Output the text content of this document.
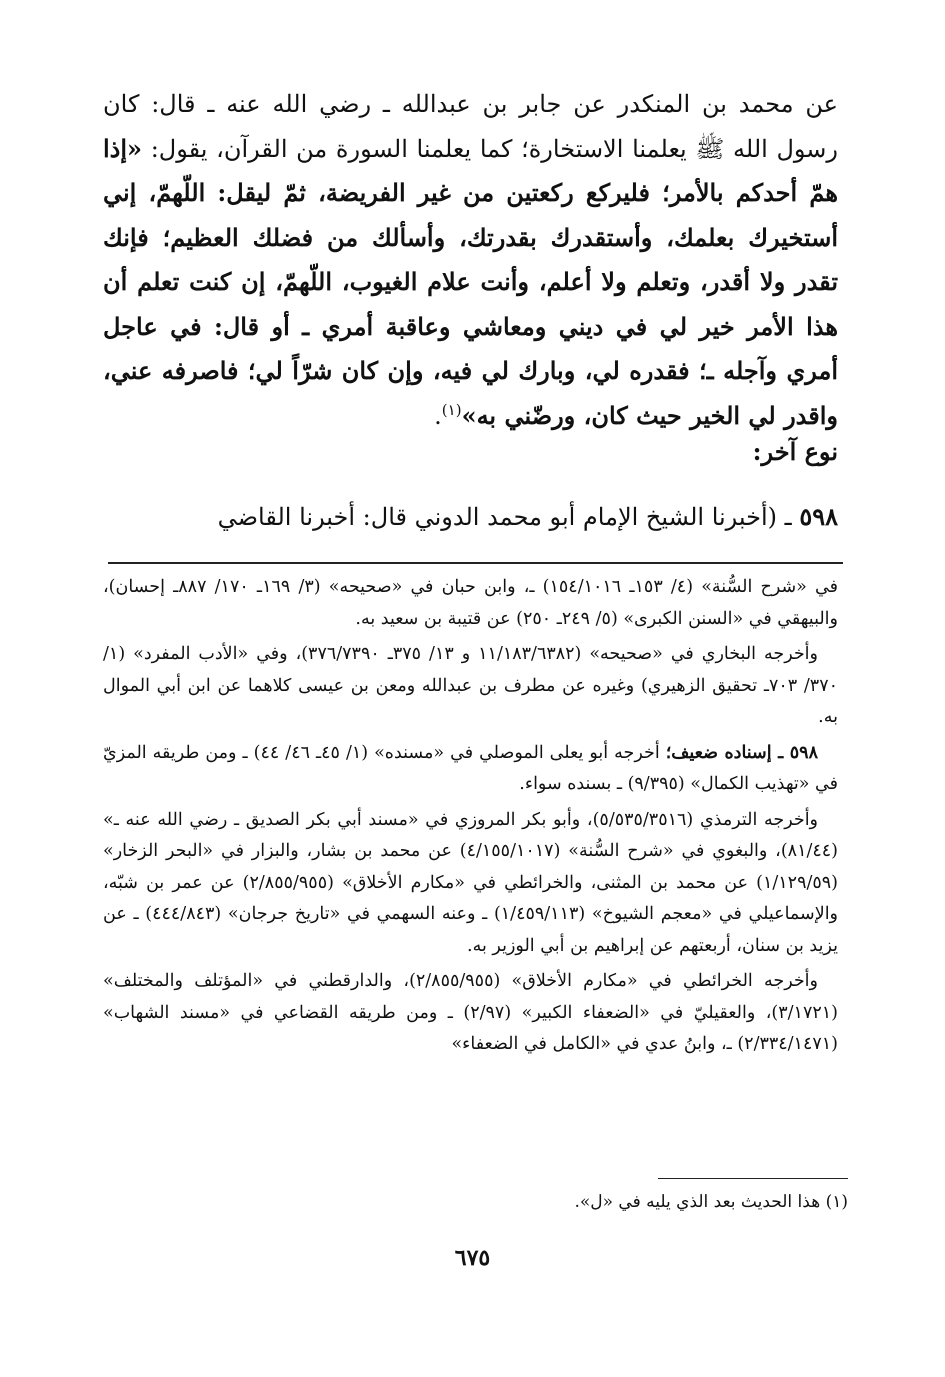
عن محمد بن المنكدر عن جابر بن عبدالله ـ رضي الله عنه ـ قال: كان رسول الله ﷺ يعلمنا الاستخارة؛ كما يعلمنا السورة من القرآن، يقول: «إذا همّ أحدكم بالأمر؛ فليركع ركعتين من غير الفريضة، ثمّ ليقل: اللّهمّ، إني أستخيرك بعلمك، وأستقدرك بقدرتك، وأسألك من فضلك العظيم؛ فإنك تقدر ولا أقدر، وتعلم ولا أعلم، وأنت علام الغيوب، اللّهمّ، إن كنت تعلم أن هذا الأمر خير لي في ديني ومعاشي وعاقبة أمري ـ أو قال: في عاجل أمري وآجله ـ؛ فقدره لي، وبارك لي فيه، وإن كان شرّاً لي؛ فاصرفه عني، واقدر لي الخير حيث كان، ورضّني به»$^{(١)}$.

نوع آخر:
٥٩٨ ـ (أخبرنا الشيخ الإمام أبو محمد الدوني قال: أخبرنا القاضي

في «شرح السُّنة» (٤/ ١٥٣ـ ١٥٤/١٠١٦) ـ، وابن حبان في «صحيحه» (٣/ ١٦٩ـ ١٧٠/ ٨٨٧ـ إحسان)، والبيهقي في «السنن الكبرى» (٥/ ٢٤٩ـ ٢٥٠) عن قتيبة بن سعيد به.

وأخرجه البخاري في «صحيحه» (١١/١٨٣/٦٣٨٢ و ١٣/ ٣٧٥ـ ٣٧٦/٧٣٩٠)، وفي «الأدب المفرد» (١/ ٣٧٠/ ٧٠٣ـ تحقيق الزهيري) وغيره عن مطرف بن عبدالله ومعن بن عيسى كلاهما عن ابن أبي الموال به.

٥٩٨ ـ إسناده ضعيف؛ أخرجه أبو يعلى الموصلي في «مسنده» (١/ ٤٥ـ ٤٦/ ٤٤) ـ ومن طريقه المزيّ في «تهذيب الكمال» (٩/٣٩٥) ـ بسنده سواء.

وأخرجه الترمذي (٥/٥٣٥/٣٥١٦)، وأبو بكر المروزي في «مسند أبي بكر الصديق ـ رضي الله عنه ـ» (٨١/٤٤)، والبغوي في «شرح السُّنة» (٤/١٥٥/١٠١٧) عن محمد بن بشار، والبزار في «البحر الزخار» (١/١٢٩/٥٩) عن محمد بن المثنى، والخرائطي في «مكارم الأخلاق» (٢/٨٥٥/٩٥٥) عن عمر بن شبّه، والإسماعيلي في «معجم الشيوخ» (١/٤٥٩/١١٣) ـ وعنه السهمي في «تاريخ جرجان» (٤٤٤/٨٤٣) ـ عن يزيد بن سنان، أربعتهم عن إبراهيم بن أبي الوزير به.

وأخرجه الخرائطي في «مكارم الأخلاق» (٢/٨٥٥/٩٥٥)، والدارقطني في «المؤتلف والمختلف» (٣/١٧٢١)، والعقيليّ في «الضعفاء الكبير» (٢/٩٧) ـ ومن طريقه القضاعي في «مسند الشهاب» (٢/٣٣٤/١٤٧١) ـ، وابنُ عدي في «الكامل في الضعفاء»

(١) هذا الحديث بعد الذي يليه في «ل».
٦٧٥
